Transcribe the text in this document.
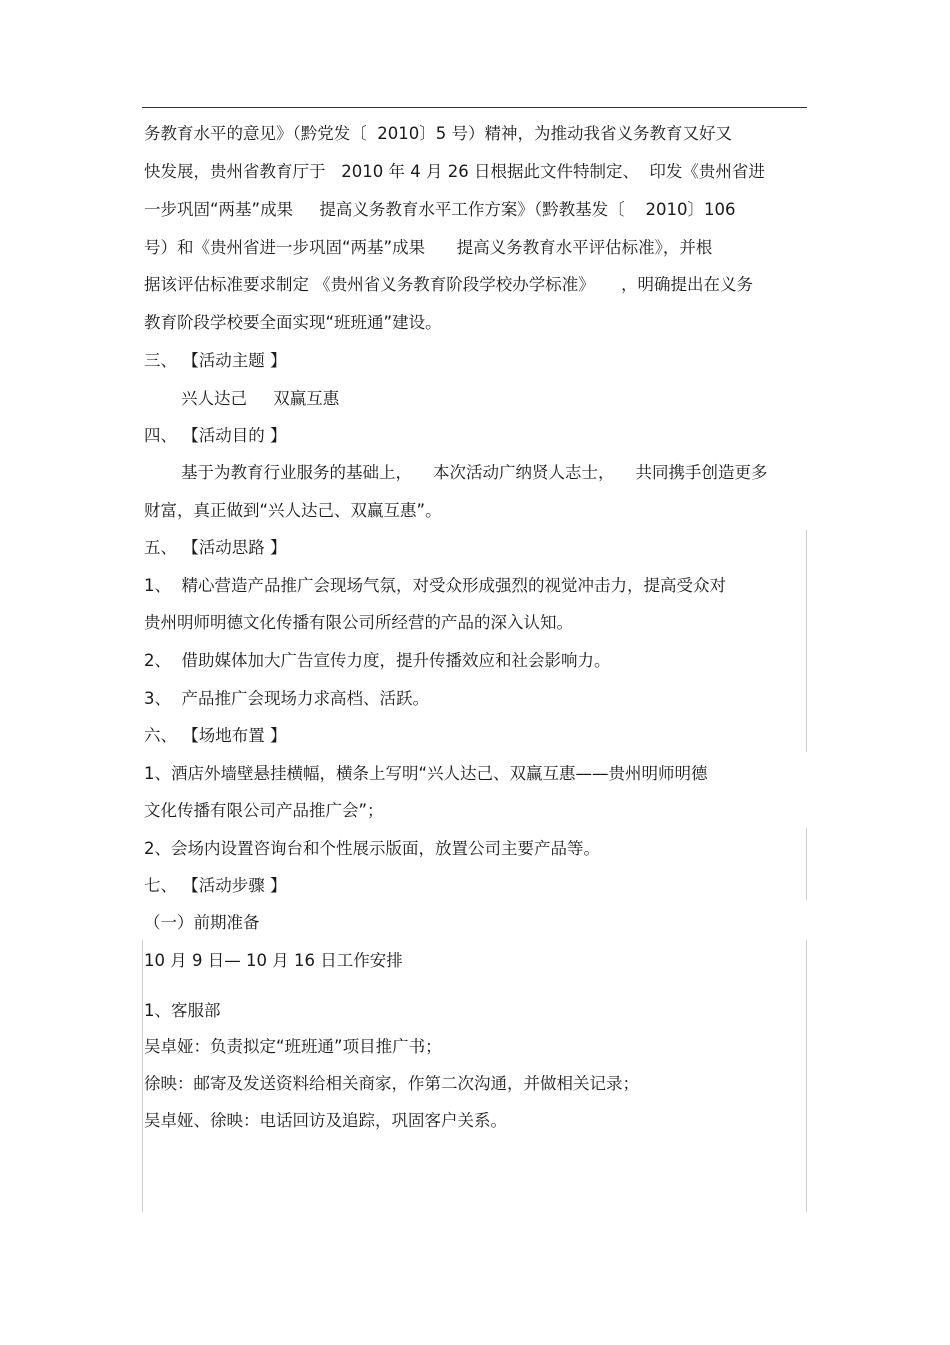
务教育水平的意见》（黔党发〔  2010〕5 号）精神，为推动我省义务教育又好又
快发展，贵州省教育厅于   2010 年 4 月 26 日根据此文件特制定、  印发《贵州省进
一步巩固“两基”成果     提高义务教育水平工作方案》（黔教基发〔    2010〕106
号）和《贵州省进一步巩固“两基”成果      提高义务教育水平评估标准》，并根
据该评估标准要求制定 《贵州省义务教育阶段学校办学标准》     ，明确提出在义务
教育阶段学校要全面实现“班班通”建设。
三、 【活动主题 】
兴人达己     双赢互惠
四、 【活动目的 】
基于为教育行业服务的基础上，    本次活动广纳贤人志士，    共同携手创造更多
财富，真正做到“兴人达己、双赢互惠”。
五、 【活动思路 】
1、  精心营造产品推广会现场气氛，对受众形成强烈的视觉冲击力，提高受众对
贵州明师明德文化传播有限公司所经营的产品的深入认知。
2、  借助媒体加大广告宣传力度，提升传播效应和社会影响力。
3、  产品推广会现场力求高档、活跃。
六、 【场地布置 】
1、酒店外墙壁悬挂横幅，横条上写明“兴人达己、双赢互惠——贵州明师明德
文化传播有限公司产品推广会”；
2、会场内设置咨询台和个性展示版面，放置公司主要产品等。
七、 【活动步骤 】
（一）前期准备
10 月 9 日— 10 月 16 日工作安排
1、客服部
吴卓娅：负责拟定“班班通”项目推广书；
徐映：邮寄及发送资料给相关商家，作第二次沟通，并做相关记录；
吴卓娅、徐映：电话回访及追踪，巩固客户关系。
